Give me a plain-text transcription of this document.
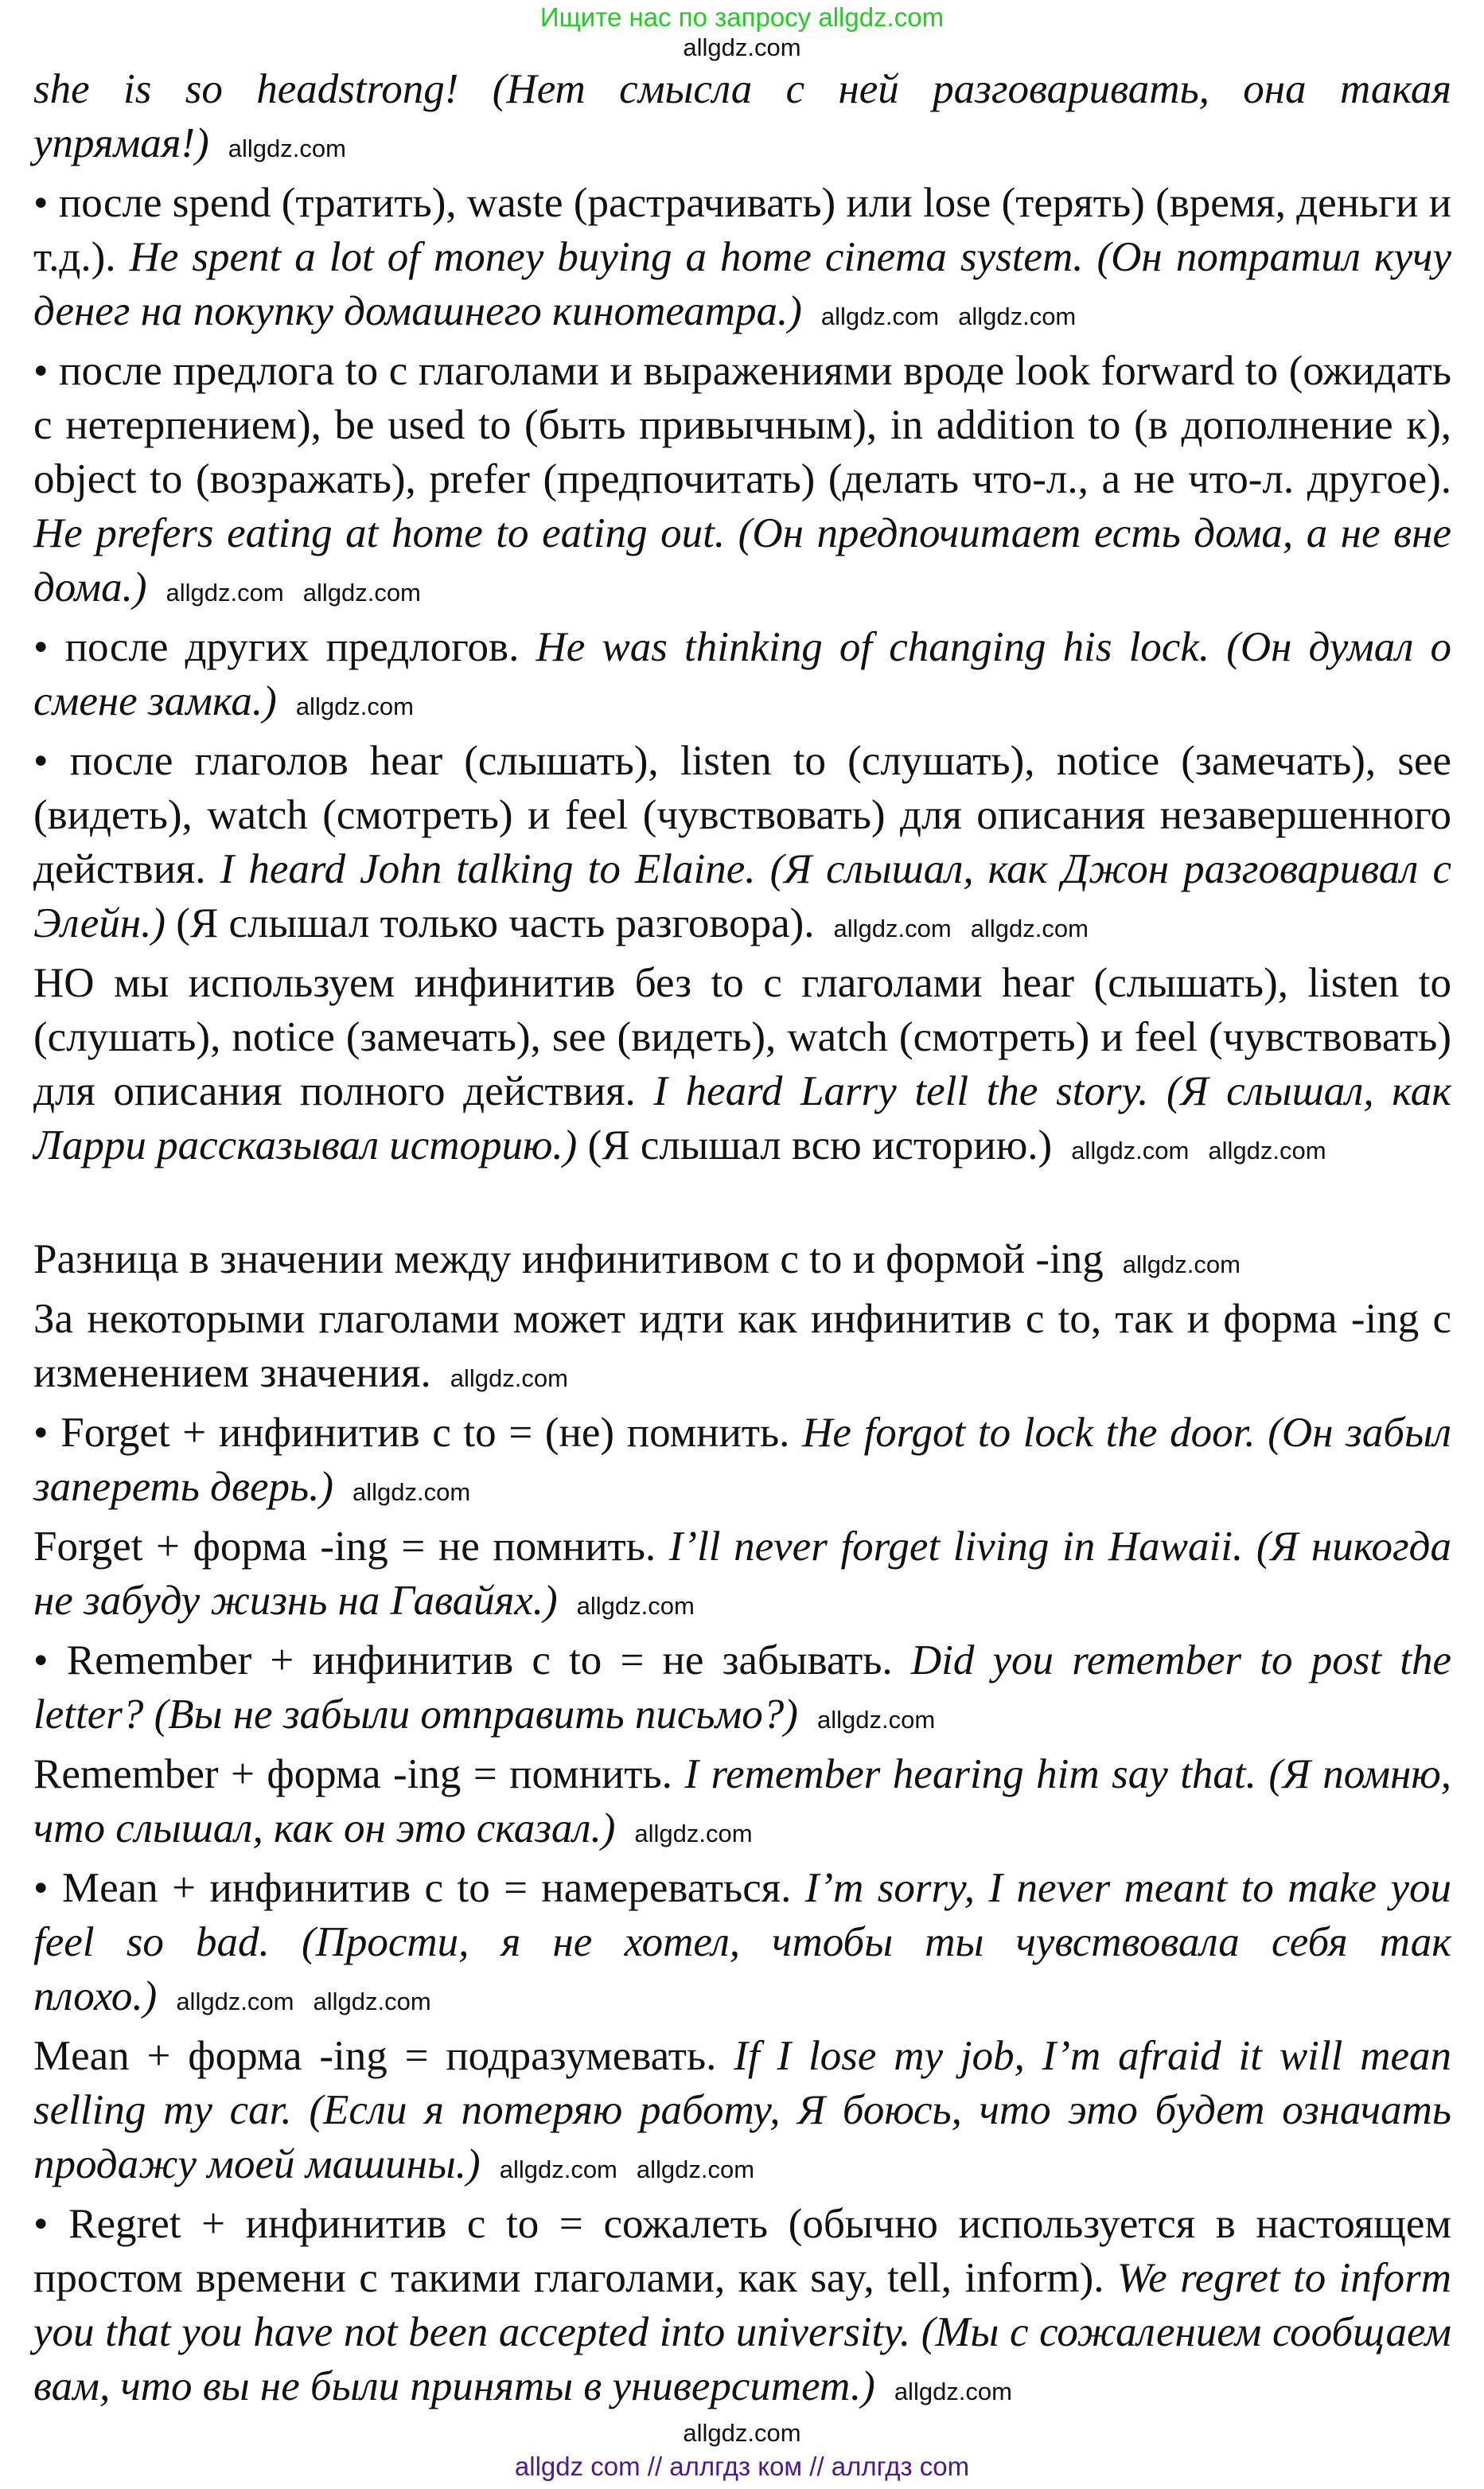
Ищите нас по запросу allgdz.com
allgdz.com

she is so headstrong! (Нет смысла с ней разговаривать, она такая упрямая!) allgdz.com

• после spend (тратить), waste (растрачивать) или lose (терять) (время, деньги и т.д.). He spent a lot of money buying a home cinema system. (Он потратил кучу денег на покупку домашнего кинотеатра.) allgdz.com allgdz.com

• после предлога to с глаголами и выражениями вроде look forward to (ожидать с нетерпением), be used to (быть привычным), in addition to (в дополнение к), object to (возражать), prefer (предпочитать) (делать что-л., а не что-л. другое). He prefers eating at home to eating out. (Он предпочитает есть дома, а не вне дома.) allgdz.com allgdz.com

• после других предлогов. He was thinking of changing his lock. (Он думал о смене замка.) allgdz.com

• после глаголов hear (слышать), listen to (слушать), notice (замечать), see (видеть), watch (смотреть) и feel (чувствовать) для описания незавершенного действия. I heard John talking to Elaine. (Я слышал, как Джон разговаривал с Элейн.) (Я слышал только часть разговора). allgdz.com allgdz.com

НО мы используем инфинитив без to с глаголами hear (слышать), listen to (слушать), notice (замечать), see (видеть), watch (смотреть) и feel (чувствовать) для описания полного действия. I heard Larry tell the story. (Я слышал, как Ларри рассказывал историю.) (Я слышал всю историю.) allgdz.com allgdz.com

Разница в значении между инфинитивом с to и формой -ing allgdz.com

За некоторыми глаголами может идти как инфинитив с to, так и форма -ing с изменением значения. allgdz.com

• Forget + инфинитив с to = (не) помнить. He forgot to lock the door. (Он забыл запереть дверь.) allgdz.com

Forget + форма -ing = не помнить. I’ll never forget living in Hawaii. (Я никогда не забуду жизнь на Гавайях.) allgdz.com

• Remember + инфинитив с to = не забывать. Did you remember to post the letter? (Вы не забыли отправить письмо?) allgdz.com

Remember + форма -ing = помнить. I remember hearing him say that. (Я помню, что слышал, как он это сказал.) allgdz.com

• Mean + инфинитив с to = намереваться. I’m sorry, I never meant to make you feel so bad. (Прости, я не хотел, чтобы ты чувствовала себя так плохо.) allgdz.com allgdz.com

Mean + форма -ing = подразумевать. If I lose my job, I’m afraid it will mean selling my car. (Если я потеряю работу, Я боюсь, что это будет означать продажу моей машины.) allgdz.com allgdz.com

• Regret + инфинитив с to = сожалеть (обычно используется в настоящем простом времени с такими глаголами, как say, tell, inform). We regret to inform you that you have not been accepted into university. (Мы с сожалением сообщаем вам, что вы не были приняты в университет.) allgdz.com

allgdz.com
allgdz com // аллгдз ком // аллгдз com
